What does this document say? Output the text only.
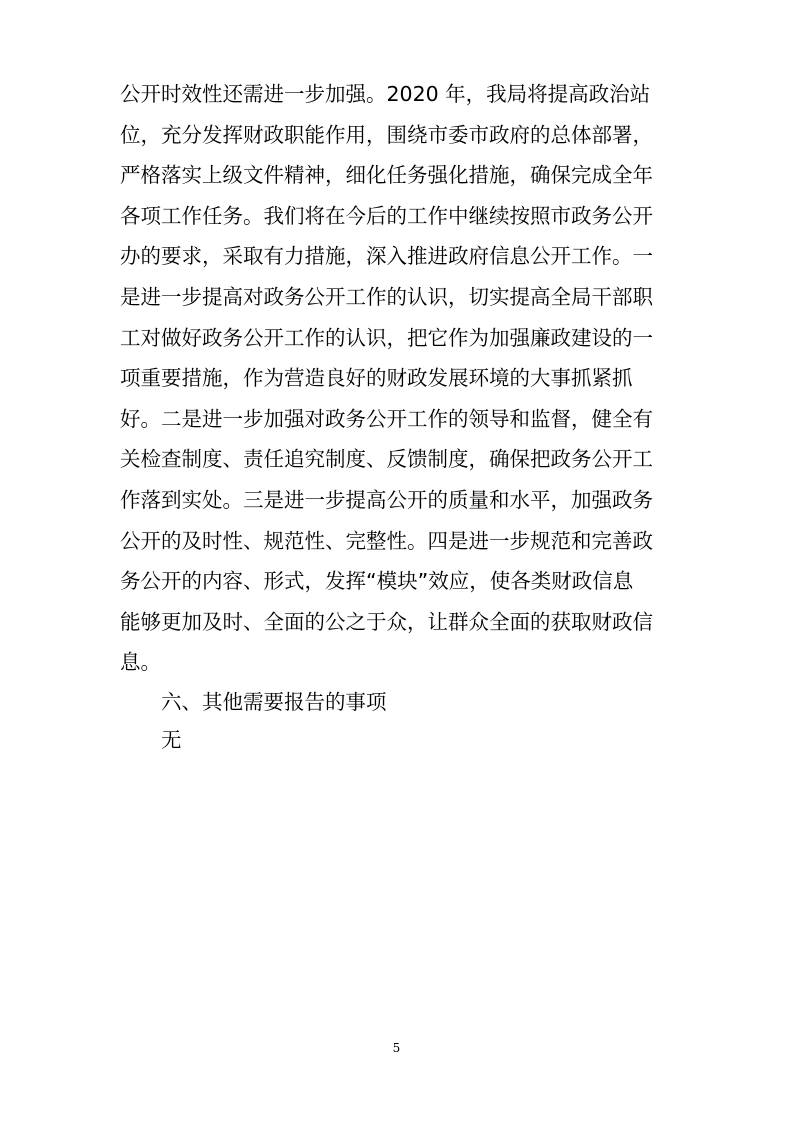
公开时效性还需进一步加强。2020 年，我局将提高政治站
位，充分发挥财政职能作用，围绕市委市政府的总体部署，
严格落实上级文件精神，细化任务强化措施，确保完成全年
各项工作任务。我们将在今后的工作中继续按照市政务公开
办的要求，采取有力措施，深入推进政府信息公开工作。一
是进一步提高对政务公开工作的认识，切实提高全局干部职
工对做好政务公开工作的认识，把它作为加强廉政建设的一
项重要措施，作为营造良好的财政发展环境的大事抓紧抓
好。二是进一步加强对政务公开工作的领导和监督，健全有
关检查制度、责任追究制度、反馈制度，确保把政务公开工
作落到实处。三是进一步提高公开的质量和水平，加强政务
公开的及时性、规范性、完整性。四是进一步规范和完善政
务公开的内容、形式，发挥“模块”效应，使各类财政信息
能够更加及时、全面的公之于众，让群众全面的获取财政信
息。
六、其他需要报告的事项
无
5
